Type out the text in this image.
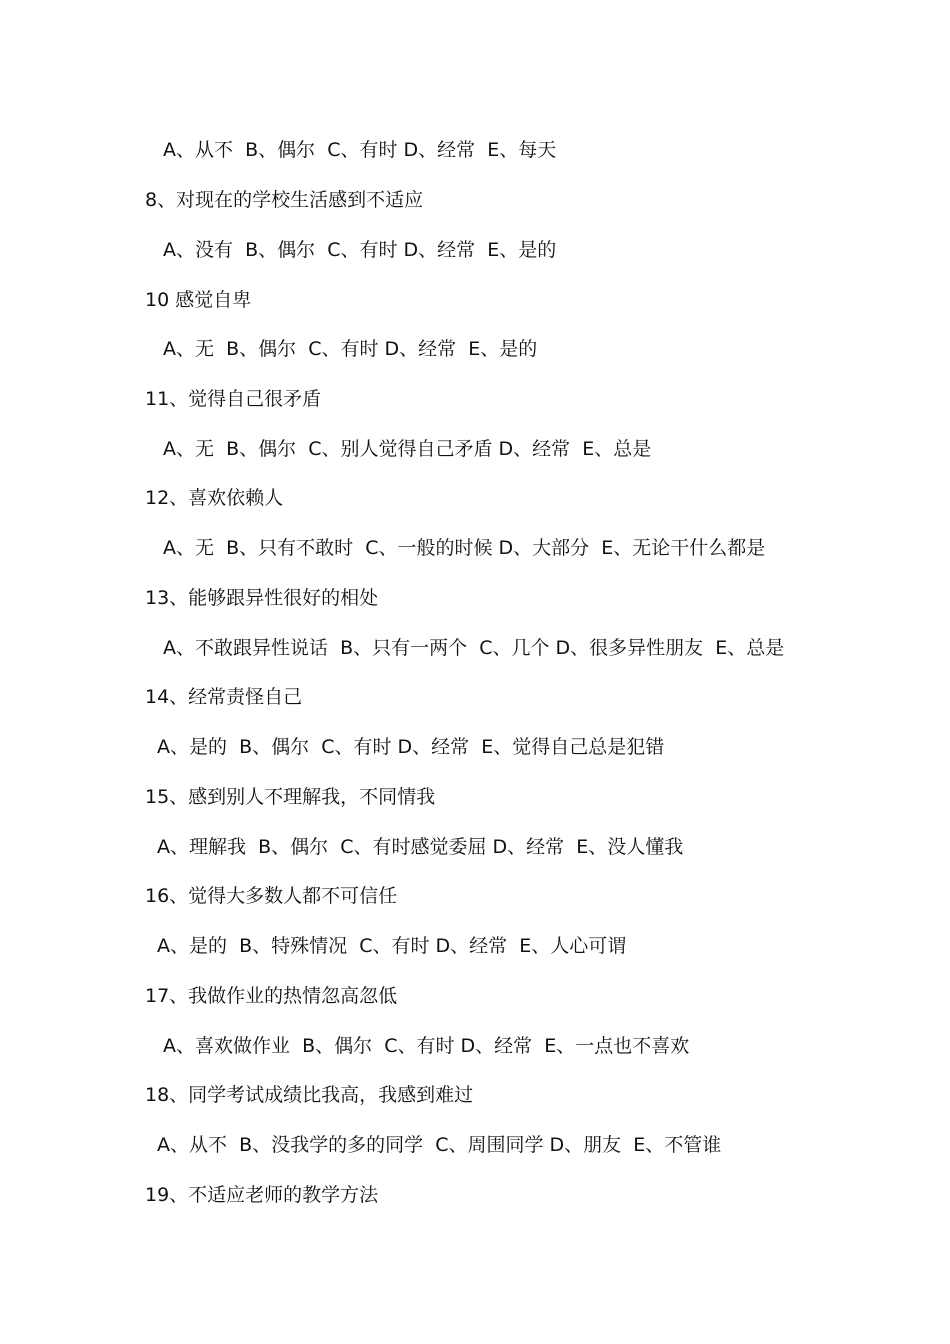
A、从不  B、偶尔  C、有时 D、经常  E、每天
8、对现在的学校生活感到不适应
A、没有  B、偶尔  C、有时 D、经常  E、是的
10 感觉自卑
A、无  B、偶尔  C、有时 D、经常  E、是的
11、觉得自己很矛盾
A、无  B、偶尔  C、别人觉得自己矛盾 D、经常  E、总是
12、喜欢依赖人
A、无  B、只有不敢时  C、一般的时候 D、大部分  E、无论干什么都是
13、能够跟异性很好的相处
A、不敢跟异性说话  B、只有一两个  C、几个 D、很多异性朋友  E、总是
14、经常责怪自己
A、是的  B、偶尔  C、有时 D、经常  E、觉得自己总是犯错
15、感到别人不理解我，不同情我
A、理解我  B、偶尔  C、有时感觉委屈 D、经常  E、没人懂我
16、觉得大多数人都不可信任
A、是的  B、特殊情况  C、有时 D、经常  E、人心可谓
17、我做作业的热情忽高忽低
A、喜欢做作业  B、偶尔  C、有时 D、经常  E、一点也不喜欢
18、同学考试成绩比我高，我感到难过
A、从不  B、没我学的多的同学  C、周围同学 D、朋友  E、不管谁
19、不适应老师的教学方法
